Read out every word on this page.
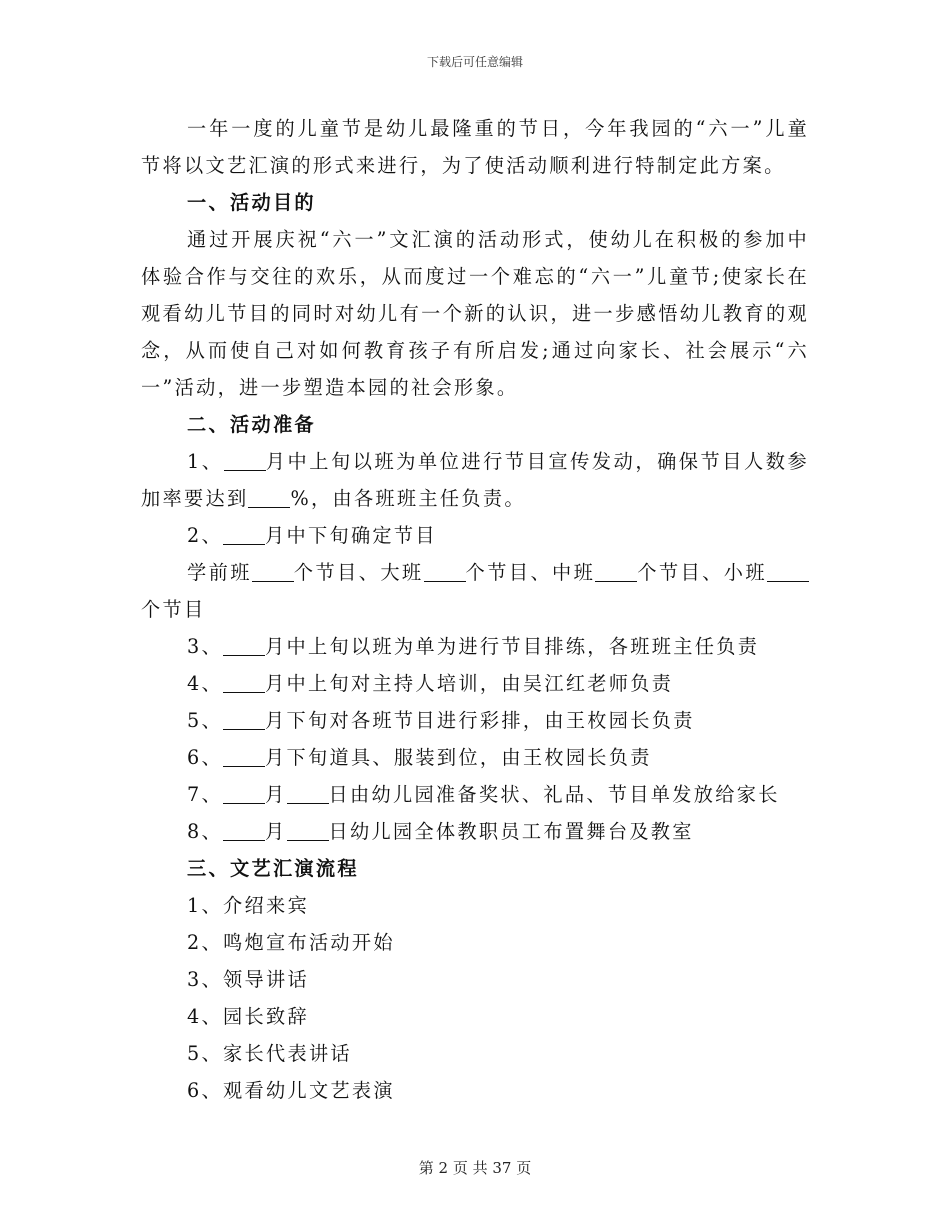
下载后可任意编辑

一年一度的儿童节是幼儿最隆重的节日，今年我园的“六一”儿童节将以文艺汇演的形式来进行，为了使活动顺利进行特制定此方案。

一、活动目的

通过开展庆祝“六一”文汇演的活动形式，使幼儿在积极的参加中体验合作与交往的欢乐，从而度过一个难忘的“六一”儿童节;使家长在观看幼儿节目的同时对幼儿有一个新的认识，进一步感悟幼儿教育的观念，从而使自己对如何教育孩子有所启发;通过向家长、社会展示“六一”活动，进一步塑造本园的社会形象。

二、活动准备

1、 月中上旬以班为单位进行节目宣传发动，确保节目人数参加率要达到 %，由各班班主任负责。

2、 月中下旬确定节目

学前班 个节目、大班 个节目、中班 个节目、小班个节目

3、 月中上旬以班为单为进行节目排练，各班班主任负责

4、 月中上旬对主持人培训，由吴江红老师负责

5、 月下旬对各班节目进行彩排，由王枚园长负责

6、 月下旬道具、服装到位，由王枚园长负责

7、 月 日由幼儿园准备奖状、礼品、节目单发放给家长

8、 月 日幼儿园全体教职员工布置舞台及教室

三、文艺汇演流程

1、介绍来宾

2、鸣炮宣布活动开始

3、领导讲话

4、园长致辞

5、家长代表讲话

6、观看幼儿文艺表演

第 2 页 共 37 页
